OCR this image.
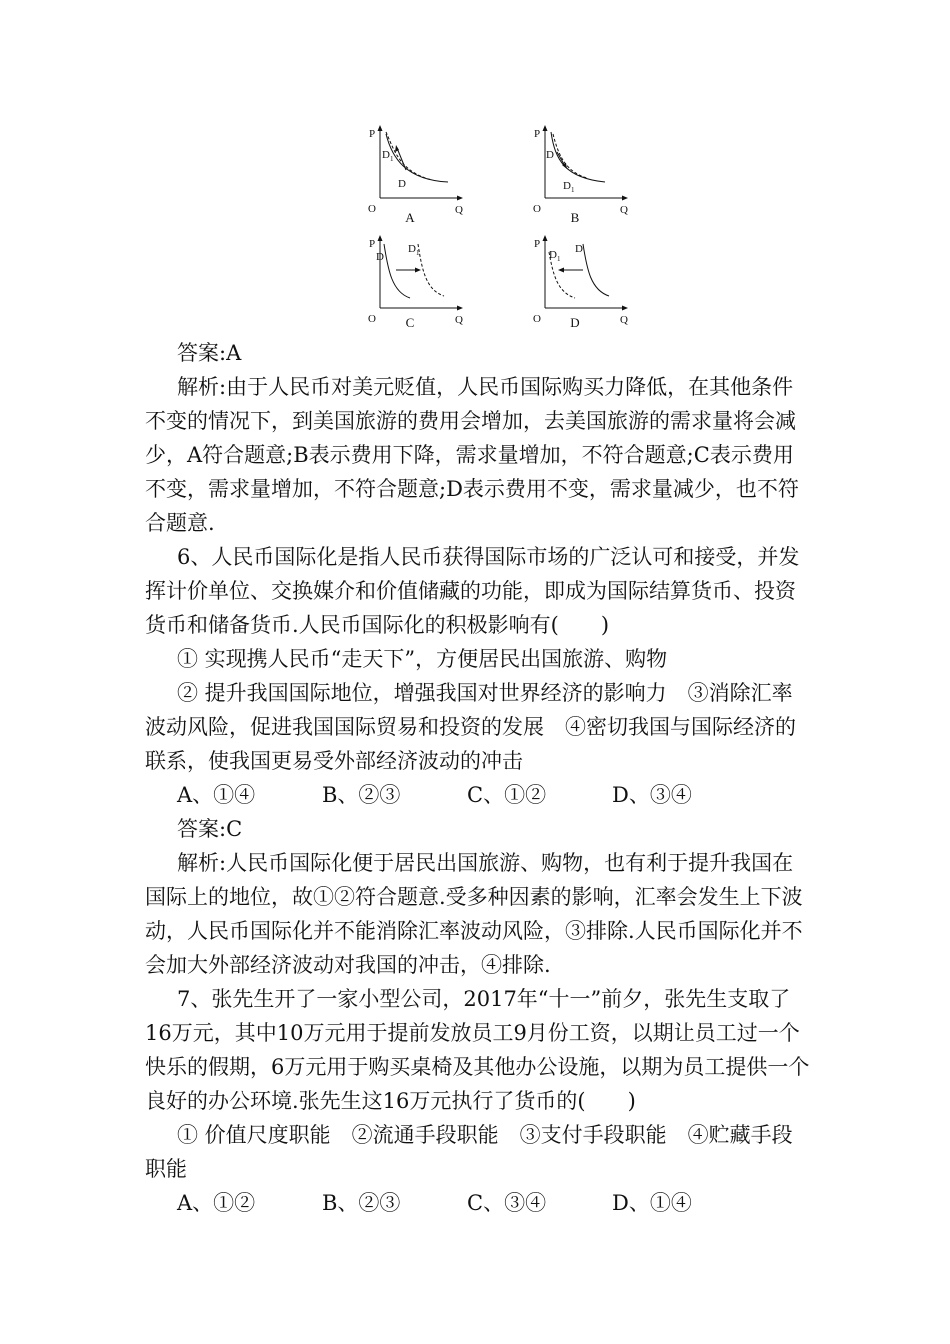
P
Q
O
D 1
D
A
P
Q
O
D
D 1
B
P
Q
O
D
D 1
C
P
Q
O
D 1
D
D

答案:A

解析:由于人民币对美元贬值，人民币国际购买力降低，在其他条件不变的情况下，到美国旅游的费用会增加，去美国旅游的需求量将会减少，A符合题意;B表示费用下降，需求量增加，不符合题意;C表示费用不变，需求量增加，不符合题意;D表示费用不变，需求量减少，也不符合题意.

6、人民币国际化是指人民币获得国际市场的广泛认可和接受，并发挥计价单位、交换媒介和价值储藏的功能，即成为国际结算货币、投资货币和储备货币.人民币国际化的积极影响有(　　)

① 实现携人民币“走天下”，方便居民出国旅游、购物

② 提升我国国际地位，增强我国对世界经济的影响力　③消除汇率波动风险，促进我国国际贸易和投资的发展　④密切我国与国际经济的联系，使我国更易受外部经济波动的冲击

A、①④	B、②③	C、①②	D、③④

答案:C

解析:人民币国际化便于居民出国旅游、购物，也有利于提升我国在国际上的地位，故①②符合题意.受多种因素的影响，汇率会发生上下波动，人民币国际化并不能消除汇率波动风险，③排除.人民币国际化并不会加大外部经济波动对我国的冲击，④排除.

7、张先生开了一家小型公司，2017年“十一”前夕，张先生支取了16万元，其中10万元用于提前发放员工9月份工资，以期让员工过一个快乐的假期，6万元用于购买桌椅及其他办公设施，以期为员工提供一个良好的办公环境.张先生这16万元执行了货币的(　　)

① 价值尺度职能　②流通手段职能　③支付手段职能　④贮藏手段职能

A、①②	B、②③	C、③④	D、①④
